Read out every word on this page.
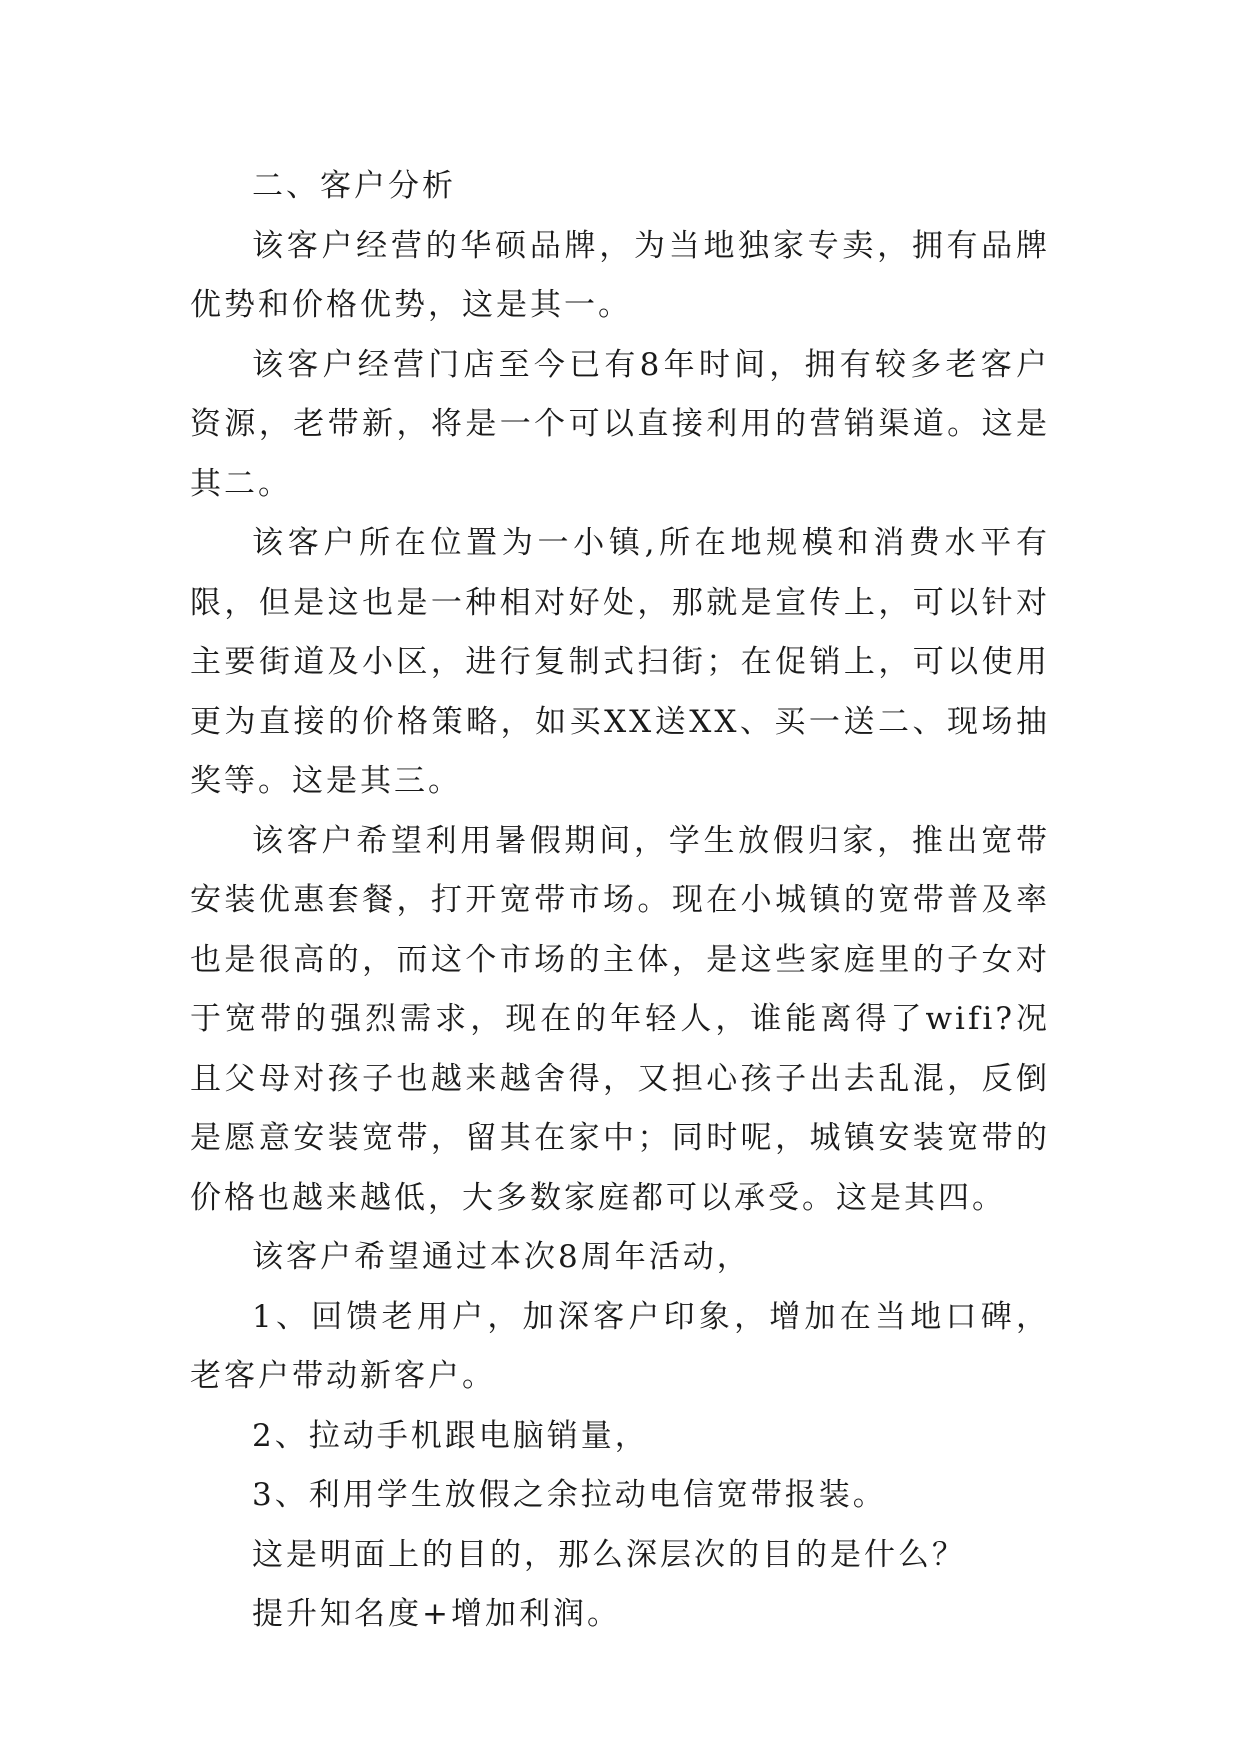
二、客户分析

该客户经营的华硕品牌，为当地独家专卖，拥有品牌优势和价格优势，这是其一。

该客户经营门店至今已有8年时间，拥有较多老客户资源，老带新，将是一个可以直接利用的营销渠道。这是其二。

该客户所在位置为一小镇,所在地规模和消费水平有限，但是这也是一种相对好处，那就是宣传上，可以针对主要街道及小区，进行复制式扫街；在促销上，可以使用更为直接的价格策略，如买XX送XX、买一送二、现场抽奖等。这是其三。

该客户希望利用暑假期间，学生放假归家，推出宽带安装优惠套餐，打开宽带市场。现在小城镇的宽带普及率也是很高的，而这个市场的主体，是这些家庭里的子女对于宽带的强烈需求，现在的年轻人，谁能离得了wifi?况且父母对孩子也越来越舍得，又担心孩子出去乱混，反倒是愿意安装宽带，留其在家中；同时呢，城镇安装宽带的价格也越来越低，大多数家庭都可以承受。这是其四。

该客户希望通过本次8周年活动，

1、回馈老用户，加深客户印象，增加在当地口碑，老客户带动新客户。

2、拉动手机跟电脑销量，

3、利用学生放假之余拉动电信宽带报装。

这是明面上的目的，那么深层次的目的是什么？

提升知名度+增加利润。
